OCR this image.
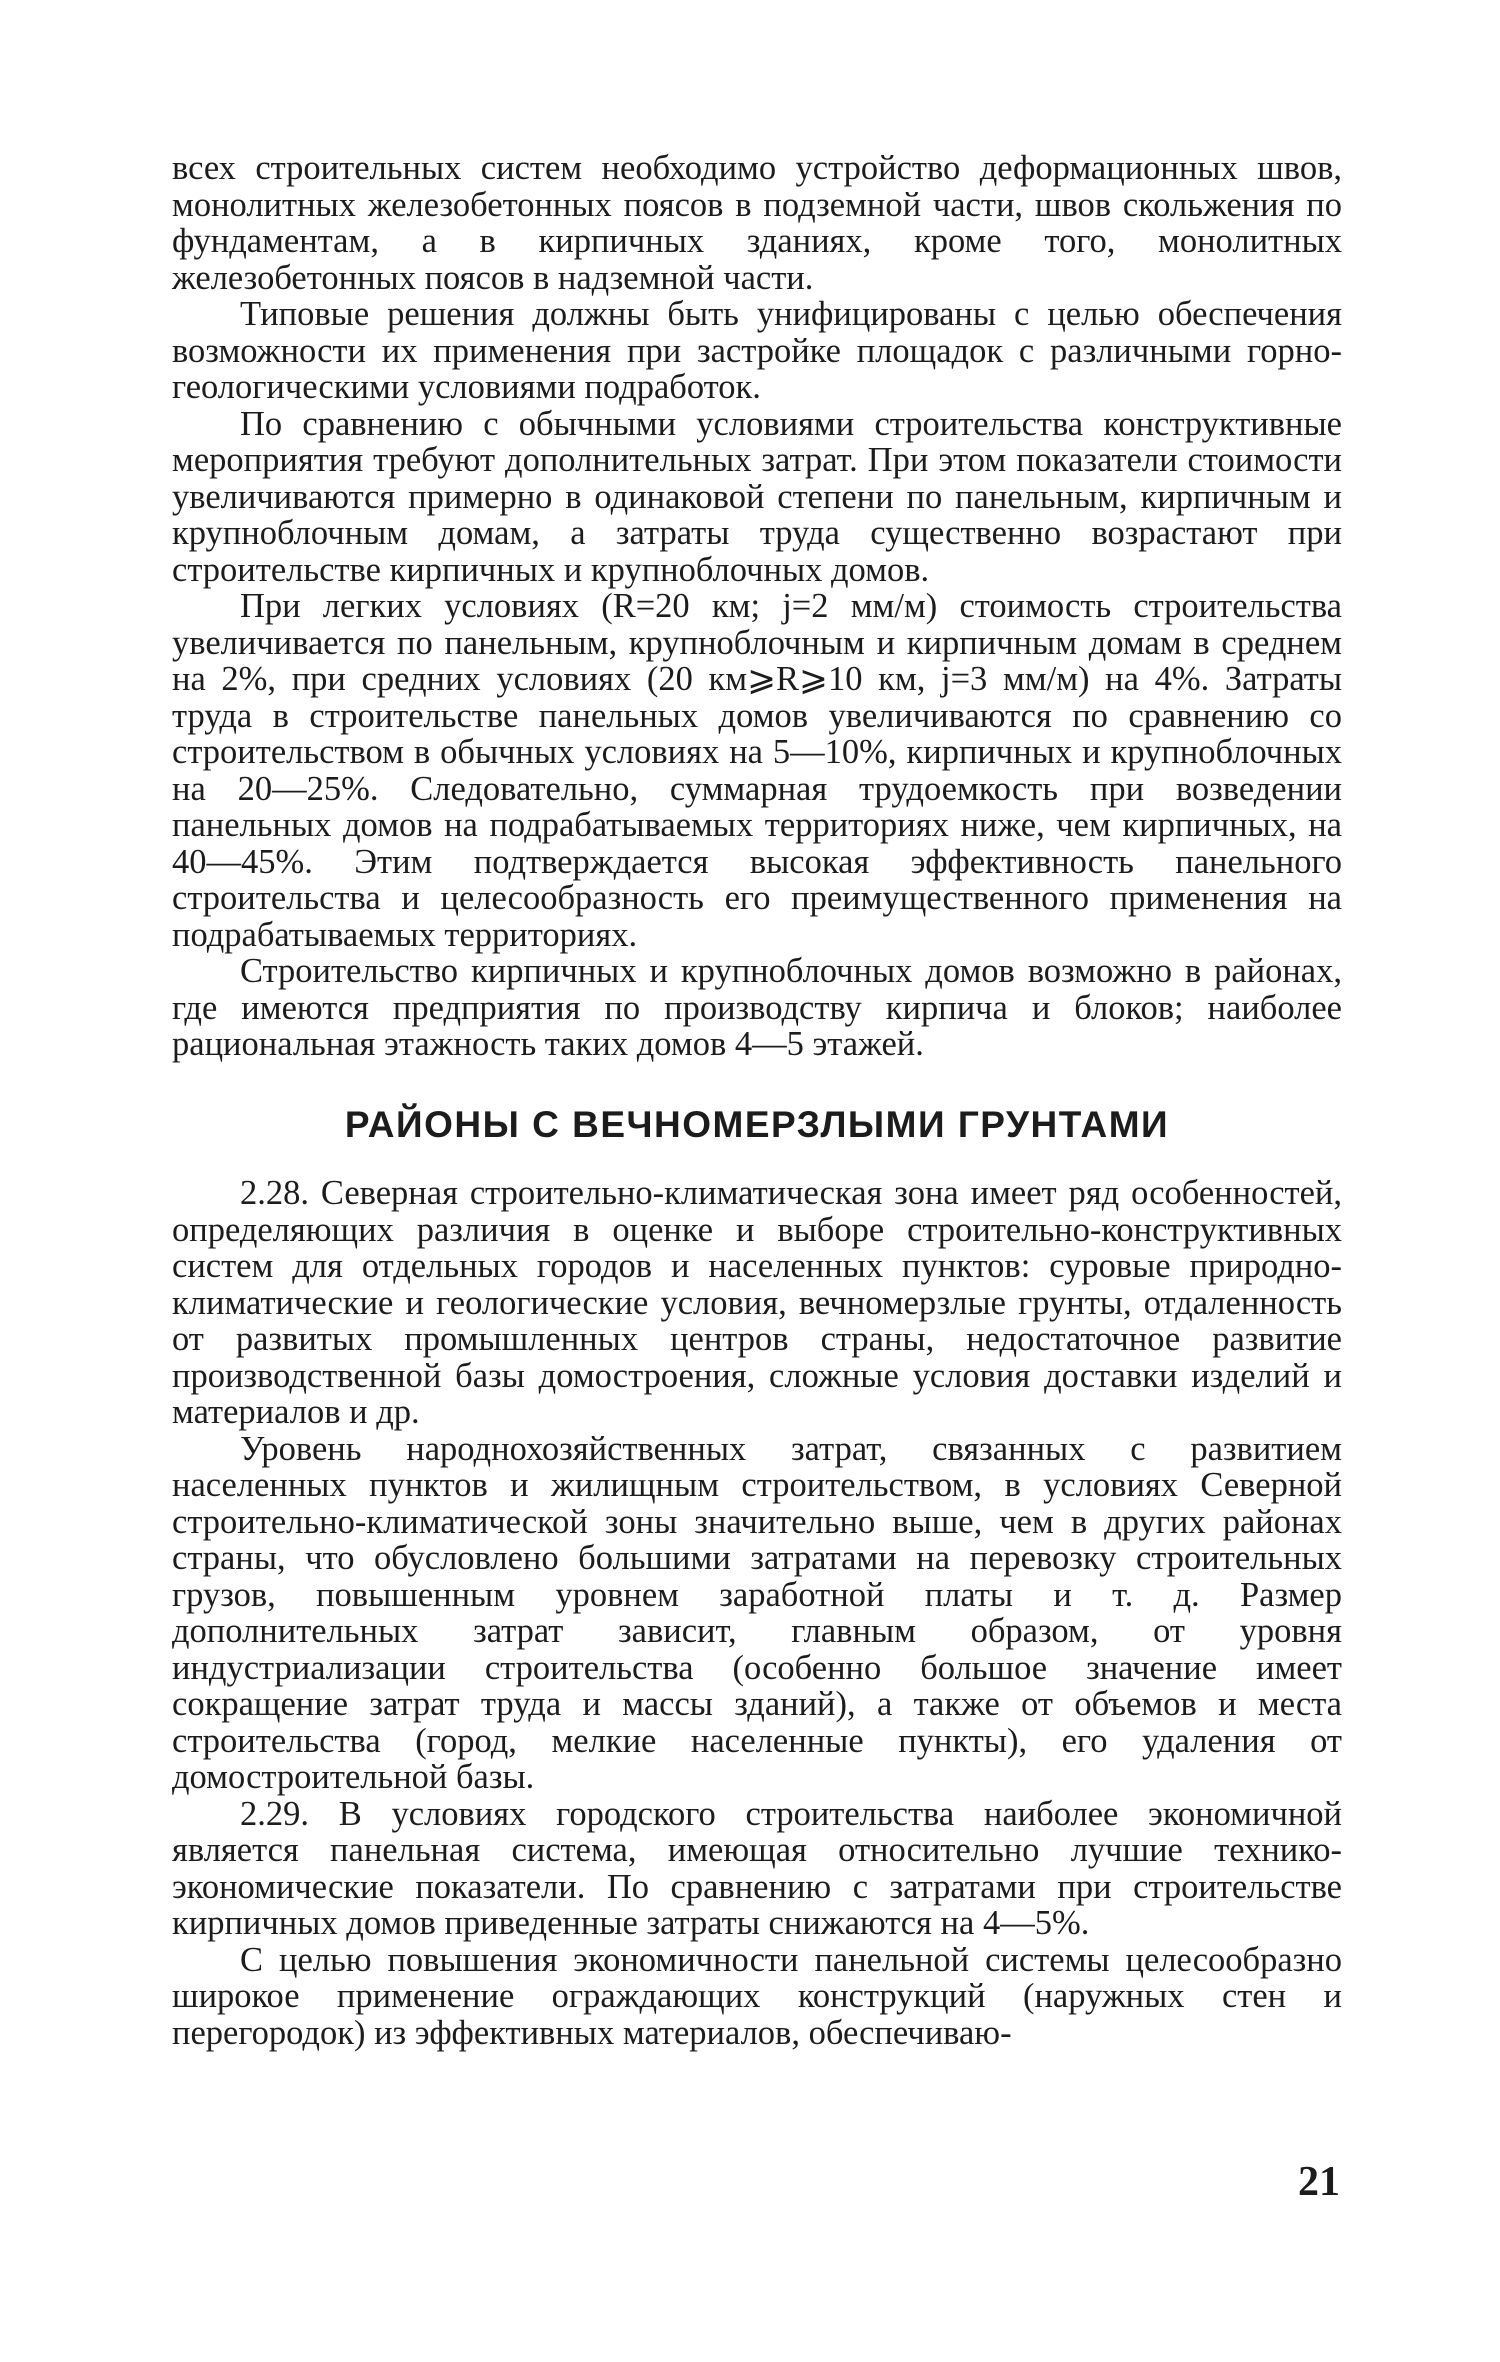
всех строительных систем необходимо устройство деформационных швов, монолитных железобетонных поясов в подземной части, швов скольжения по фундаментам, а в кирпичных зданиях, кроме того, монолитных железобетонных поясов в надземной части.

Типовые решения должны быть унифицированы с целью обеспечения возможности их применения при застройке площадок с различными горно-геологическими условиями подработок.

По сравнению с обычными условиями строительства конструктивные мероприятия требуют дополнительных затрат. При этом показатели стоимости увеличиваются примерно в одинаковой степени по панельным, кирпичным и крупноблочным домам, а затраты труда существенно возрастают при строительстве кирпичных и крупноблочных домов.

При легких условиях (R=20 км; j=2 мм/м) стоимость строительства увеличивается по панельным, крупноблочным и кирпичным домам в среднем на 2%, при средних условиях (20 км⩾R⩾10 км, j=3 мм/м) на 4%. Затраты труда в строительстве панельных домов увеличиваются по сравнению со строительством в обычных условиях на 5—10%, кирпичных и крупноблочных на 20—25%. Следовательно, суммарная трудоемкость при возведении панельных домов на подрабатываемых территориях ниже, чем кирпичных, на 40—45%. Этим подтверждается высокая эффективность панельного строительства и целесообразность его преимущественного применения на подрабатываемых территориях.

Строительство кирпичных и крупноблочных домов возможно в районах, где имеются предприятия по производству кирпича и блоков; наиболее рациональная этажность таких домов 4—5 этажей.

РАЙОНЫ С ВЕЧНОМЕРЗЛЫМИ ГРУНТАМИ

2.28. Северная строительно-климатическая зона имеет ряд особенностей, определяющих различия в оценке и выборе строительно-конструктивных систем для отдельных городов и населенных пунктов: суровые природно-климатические и геологические условия, вечномерзлые грунты, отдаленность от развитых промышленных центров страны, недостаточное развитие производственной базы домостроения, сложные условия доставки изделий и материалов и др.

Уровень народнохозяйственных затрат, связанных с развитием населенных пунктов и жилищным строительством, в условиях Северной строительно-климатической зоны значительно выше, чем в других районах страны, что обусловлено большими затратами на перевозку строительных грузов, повышенным уровнем заработной платы и т. д. Размер дополнительных затрат зависит, главным образом, от уровня индустриализации строительства (особенно большое значение имеет сокращение затрат труда и массы зданий), а также от объемов и места строительства (город, мелкие населенные пункты), его удаления от домостроительной базы.

2.29. В условиях городского строительства наиболее экономичной является панельная система, имеющая относительно лучшие технико-экономические показатели. По сравнению с затратами при строительстве кирпичных домов приведенные затраты снижаются на 4—5%.

С целью повышения экономичности панельной системы целесообразно широкое применение ограждающих конструкций (наружных стен и перегородок) из эффективных материалов, обеспечиваю-

21
